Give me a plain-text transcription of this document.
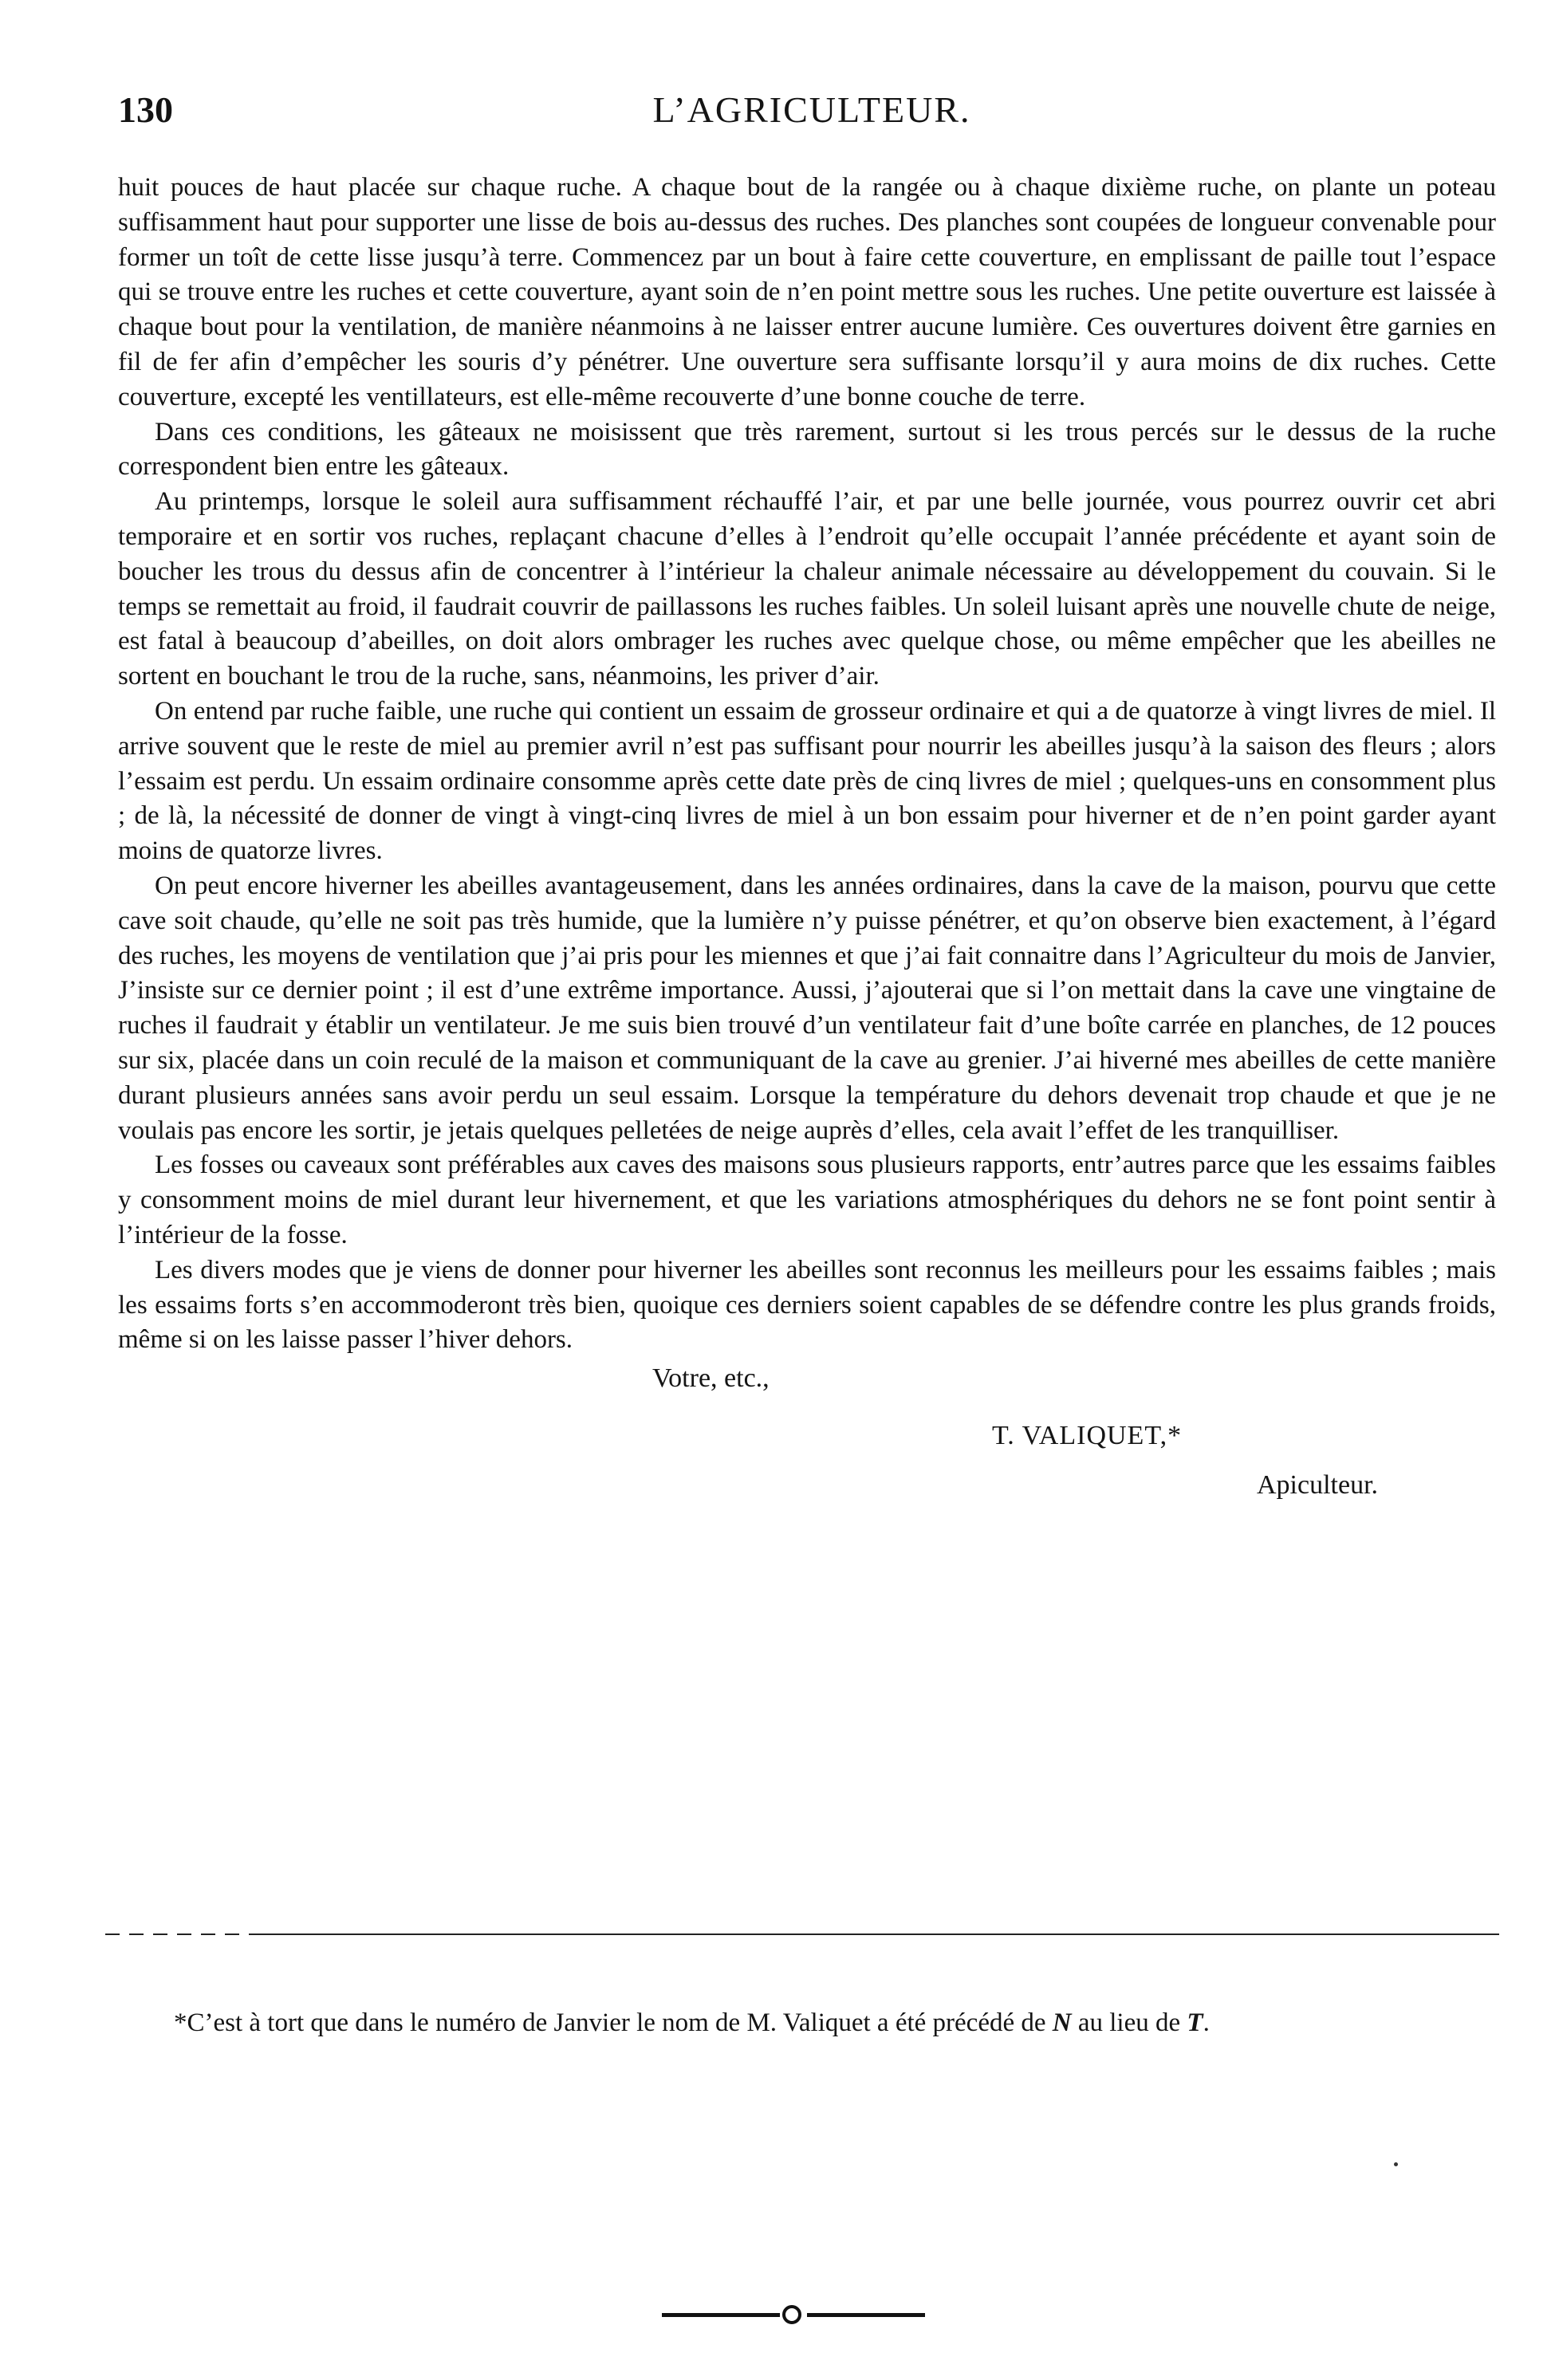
130	L’AGRICULTEUR.

huit pouces de haut placée sur chaque ruche. A chaque bout de la rangée ou à chaque dixième ruche, on plante un poteau suffisamment haut pour supporter une lisse de bois au-dessus des ruches. Des planches sont coupées de longueur convenable pour former un toît de cette lisse jusqu’à terre. Commencez par un bout à faire cette couverture, en emplissant de paille tout l’espace qui se trouve entre les ruches et cette couverture, ayant soin de n’en point mettre sous les ruches. Une petite ouverture est laissée à chaque bout pour la ventilation, de manière néanmoins à ne laisser entrer aucune lumière. Ces ouvertures doivent être garnies en fil de fer afin d’empêcher les souris d’y pénétrer. Une ouverture sera suffisante lorsqu’il y aura moins de dix ruches. Cette couverture, excepté les ventillateurs, est elle-même recouverte d’une bonne couche de terre.

Dans ces conditions, les gâteaux ne moisissent que très rarement, surtout si les trous percés sur le dessus de la ruche correspondent bien entre les gâteaux.

Au printemps, lorsque le soleil aura suffisamment réchauffé l’air, et par une belle journée, vous pourrez ouvrir cet abri temporaire et en sortir vos ruches, replaçant chacune d’elles à l’endroit qu’elle occupait l’année précédente et ayant soin de boucher les trous du dessus afin de concentrer à l’intérieur la chaleur animale nécessaire au développement du couvain. Si le temps se remettait au froid, il faudrait couvrir de paillassons les ruches faibles. Un soleil luisant après une nouvelle chute de neige, est fatal à beaucoup d’abeilles, on doit alors ombrager les ruches avec quelque chose, ou même empêcher que les abeilles ne sortent en bouchant le trou de la ruche, sans, néanmoins, les priver d’air.

On entend par ruche faible, une ruche qui contient un essaim de grosseur ordinaire et qui a de quatorze à vingt livres de miel. Il arrive souvent que le reste de miel au premier avril n’est pas suffisant pour nourrir les abeilles jusqu’à la saison des fleurs ; alors l’essaim est perdu. Un essaim ordinaire consomme après cette date près de cinq livres de miel ; quelques-uns en consomment plus ; de là, la nécessité de donner de vingt à vingt-cinq livres de miel à un bon essaim pour hiverner et de n’en point garder ayant moins de quatorze livres.

On peut encore hiverner les abeilles avantageusement, dans les années ordinaires, dans la cave de la maison, pourvu que cette cave soit chaude, qu’elle ne soit pas très humide, que la lumière n’y puisse pénétrer, et qu’on observe bien exactement, à l’égard des ruches, les moyens de ventilation que j’ai pris pour les miennes et que j’ai fait connaitre dans l’Agriculteur du mois de Janvier, J’insiste sur ce dernier point ; il est d’une extrême importance. Aussi, j’ajouterai que si l’on mettait dans la cave une vingtaine de ruches il faudrait y établir un ventilateur. Je me suis bien trouvé d’un ventilateur fait d’une boîte carrée en planches, de 12 pouces sur six, placée dans un coin reculé de la maison et communiquant de la cave au grenier. J’ai hiverné mes abeilles de cette manière durant plusieurs années sans avoir perdu un seul essaim. Lorsque la température du dehors devenait trop chaude et que je ne voulais pas encore les sortir, je jetais quelques pelletées de neige auprès d’elles, cela avait l’effet de les tranquilliser.

Les fosses ou caveaux sont préférables aux caves des maisons sous plusieurs rapports, entr’autres parce que les essaims faibles y consomment moins de miel durant leur hivernement, et que les variations atmosphériques du dehors ne se font point sentir à l’intérieur de la fosse.

Les divers modes que je viens de donner pour hiverner les abeilles sont reconnus les meilleurs pour les essaims faibles ; mais les essaims forts s’en accommoderont très bien, quoique ces derniers soient capables de se défendre contre les plus grands froids, même si on les laisse passer l’hiver dehors.

Votre, etc.,
T. VALIQUET,*
Apiculteur.
*C’est à tort que dans le numéro de Janvier le nom de M. Valiquet a été précédé de N au lieu de T.
